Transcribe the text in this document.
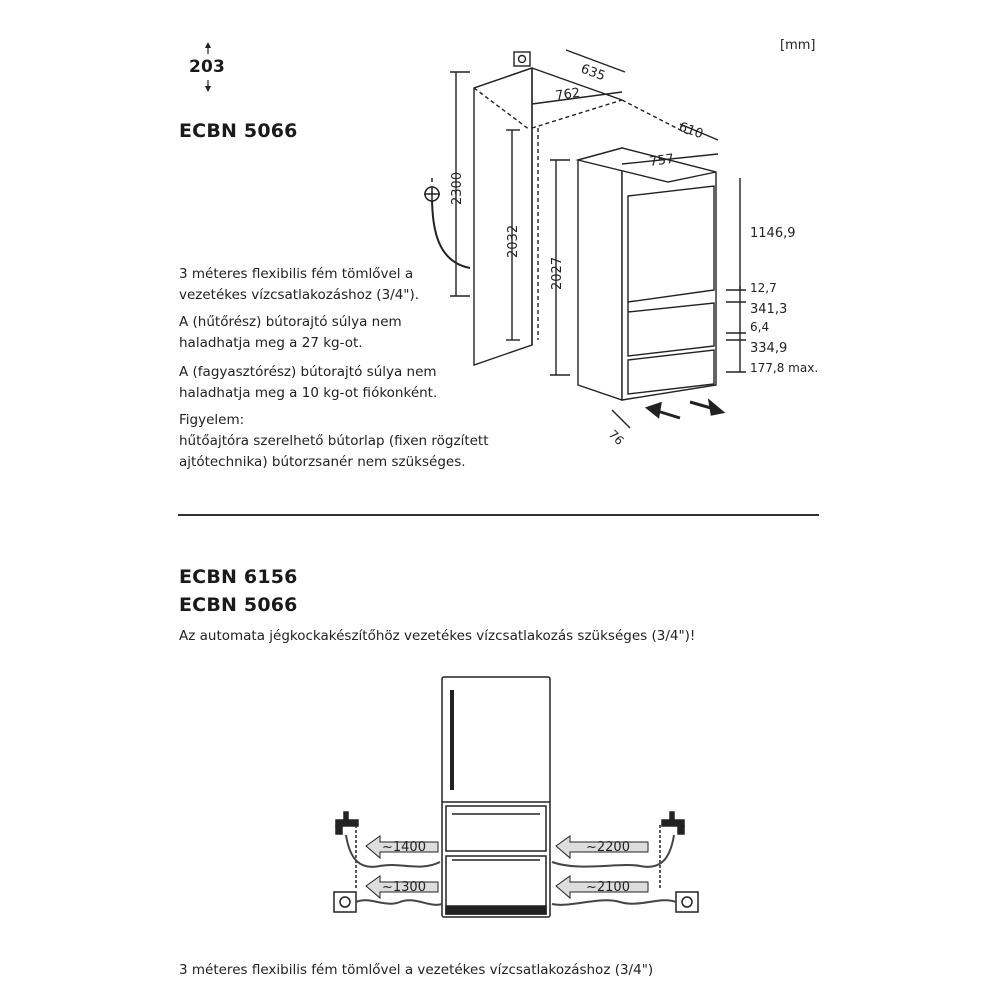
203
[mm]
ECBN 5066
3 méteres flexibilis fém tömlővel a
vezetékes vízcsatlakozáshoz (3/4").
A (hűtőrész) bútorajtó súlya nem
haladhatja meg a 27 kg-ot.
A (fagyasztórész) bútorajtó súlya nem
haladhatja meg a 10 kg-ot fiókonként.
Figyelem:
hűtőajtóra szerelhető bútorlap (fixen rögzített
ajtótechnika) bútorzsanér nem szükséges.
635
762
2300
2032
610
757
2027
1146,9
12,7
341,3
6,4
334,9
177,8 max.
76
ECBN 6156
ECBN 5066
Az automata jégkockakészítőhöz vezetékes vízcsatlakozás szükséges (3/4")!
~1400
~1300
~2200
~2100
3 méteres flexibilis fém tömlővel a vezetékes vízcsatlakozáshoz (3/4")
